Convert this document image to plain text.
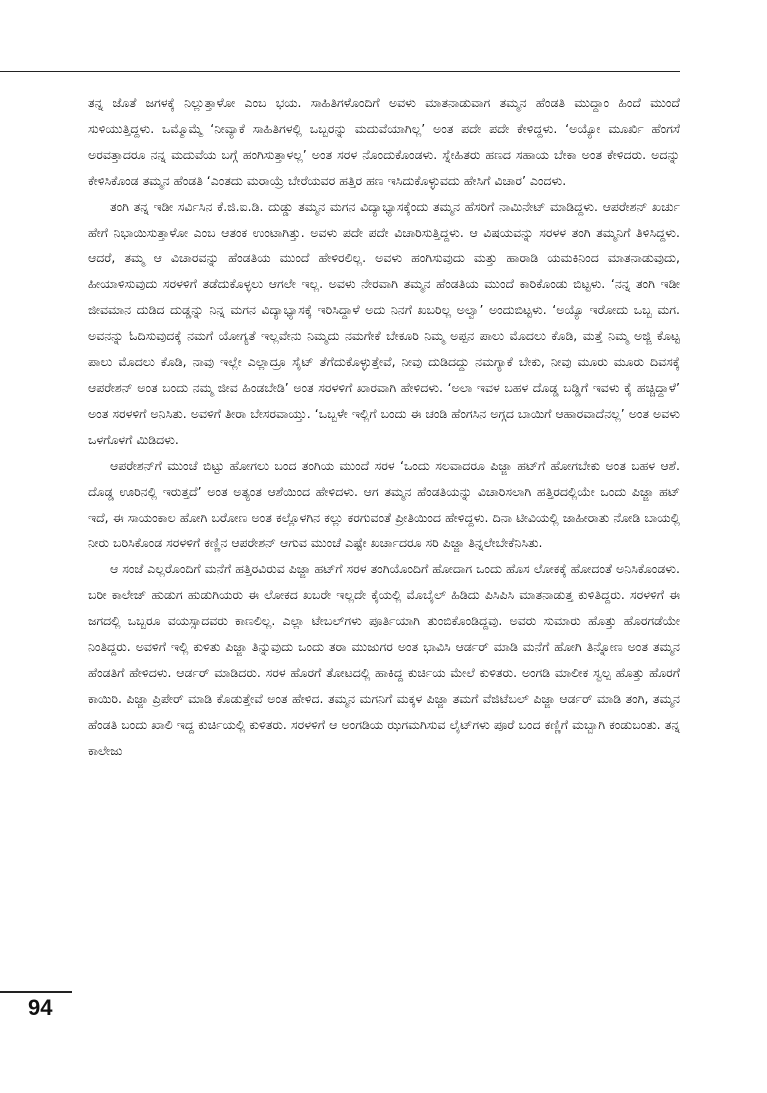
ತನ್ನ ಜೊತೆ ಜಗಳಕ್ಕೆ ನಿಲ್ಲುತ್ತಾಳೋ ಎಂಬ ಭಯ. ಸಾಹಿತಿಗಳೊಂದಿಗೆ ಅವಳು ಮಾತನಾಡುವಾಗ ತಮ್ಮನ ಹೆಂಡತಿ ಮುದ್ದಾಂ ಹಿಂದೆ ಮುಂದೆ ಸುಳಿಯುತ್ತಿದ್ದಳು. ಒಮ್ಮೊಮ್ಮೆ ‘ನೀವ್ಯಾಕೆ ಸಾಹಿತಿಗಳಲ್ಲಿ ಒಬ್ಬರನ್ನು ಮದುವೆಯಾಗಿಲ್ಲ’ ಅಂತ ಪದೇ ಪದೇ ಕೇಳಿದ್ದಳು. ‘ಅಯ್ಯೋ ಮೂರ್ಖಿ ಹೆಂಗಸೆ ಅರವತ್ತಾದರೂ ನನ್ನ ಮದುವೆಯ ಬಗ್ಗೆ ಹಂಗಿಸುತ್ತಾಳಲ್ಲ’ ಅಂತ ಸರಳ ನೊಂದುಕೊಂಡಳು. ಸ್ನೇಹಿತರು ಹಣದ ಸಹಾಯ ಬೇಕಾ ಅಂತ ಕೇಳಿದರು. ಅದನ್ನು ಕೇಳಿಸಿಕೊಂಡ ತಮ್ಮನ ಹೆಂಡತಿ ‘ಎಂತದು ಮರಾಯ್ರೆ ಬೇರೆಯವರ ಹತ್ತಿರ ಹಣ ಇಸಿದುಕೊಳ್ಳುವದು ಹೇಸಿಗೆ ವಿಚಾರ’ ಎಂದಳು.

ತಂಗಿ ತನ್ನ ಇಡೀ ಸರ್ವಿಸಿನ ಕೆ.ಜಿ.ಐ.ಡಿ. ದುಡ್ಡು ತಮ್ಮನ ಮಗನ ವಿದ್ಯಾಭ್ಯಾಸಕ್ಕೆಂದು ತಮ್ಮನ ಹೆಸರಿಗೆ ನಾಮಿನೇಟ್ ಮಾಡಿದ್ದಳು. ಆಪರೇಶನ್ ಖರ್ಚು ಹೇಗೆ ನಿಭಾಯಿಸುತ್ತಾಳೋ ಎಂಬ ಆತಂಕ ಉಂಟಾಗಿತ್ತು. ಅವಳು ಪದೇ ಪದೇ ವಿಚಾರಿಸುತ್ತಿದ್ದಳು. ಆ ವಿಷಯವನ್ನು ಸರಳಳ ತಂಗಿ ತಮ್ಮನಿಗೆ ತಿಳಿಸಿದ್ದಳು. ಆದರೆ, ತಮ್ಮ ಆ ವಿಚಾರವನ್ನು ಹೆಂಡತಿಯ ಮುಂದೆ ಹೇಳಿರಲಿಲ್ಲ. ಅವಳು ಹಂಗಿಸುವುದು ಮತ್ತು ಹಾರಾಡಿ ಯಮಕಿನಿಂದ ಮಾತನಾಡುವುದು, ಹೀಯಾಳಿಸುವುದು ಸರಳಳಿಗೆ ತಡೆದುಕೊಳ್ಳಲು ಆಗಲೇ ಇಲ್ಲ. ಅವಳು ನೇರವಾಗಿ ತಮ್ಮನ ಹೆಂಡತಿಯ ಮುಂದೆ ಕಾರಿಕೊಂಡು ಬಿಟ್ಟಳು. ‘ನನ್ನ ತಂಗಿ ಇಡೀ ಜೀವಮಾನ ದುಡಿದ ದುಡ್ಡನ್ನು ನಿನ್ನ ಮಗನ ವಿದ್ಯಾಭ್ಯಾಸಕ್ಕೆ ಇರಿಸಿದ್ದಾಳೆ ಅದು ನಿನಗೆ ಖಬರಿಲ್ಲ ಅಲ್ವಾ’ ಅಂದುಬಿಟ್ಟಳು. ‘ಅಯ್ಯೊ ಇರೋದು ಒಬ್ಬ ಮಗ. ಅವನನ್ನು ಓದಿಸುವುದಕ್ಕೆ ನಮಗೆ ಯೋಗ್ಯತೆ ಇಲ್ಲವೇನು ನಿಮ್ಮದು ನಮಗೇಕೆ ಬೇಕೂರಿ ನಿಮ್ಮ ಅಪ್ಪನ ಪಾಲು ಮೊದಲು ಕೊಡಿ, ಮತ್ತೆ ನಿಮ್ಮ ಅಜ್ಜಿ ಕೊಟ್ಟ ಪಾಲು ಮೊದಲು ಕೊಡಿ, ನಾವು ಇಲ್ಲೇ ಎಲ್ಲಾದ್ರೂ ಸೈಟ್ ತೆಗೆದುಕೊಳ್ಳುತ್ತೇವೆ, ನೀವು ದುಡಿದದ್ದು ನಮಗ್ಯಾಕೆ ಬೇಕು, ನೀವು ಮೂರು ಮೂರು ದಿವಸಕ್ಕೆ ಆಪರೇಶನ್ ಅಂತ ಬಂದು ನಮ್ಮ ಜೀವ ಹಿಂಡಬೇಡಿ’ ಅಂತ ಸರಳಳಿಗೆ ಖಾರವಾಗಿ ಹೇಳಿದಳು. ‘ಅಲಾ ಇವಳ ಬಹಳ ದೊಡ್ಡ ಬಡ್ಡಿಗೆ ಇವಳು ಕೈ ಹಚ್ಚಿದ್ದಾಳೆ’ ಅಂತ ಸರಳಳಿಗೆ ಅನಿಸಿತು. ಅವಳಿಗೆ ತೀರಾ ಬೇಸರವಾಯ್ತು. ‘ಒಬ್ಬಳೇ ಇಲ್ಲಿಗೆ ಬಂದು ಈ ಚಂಡಿ ಹೆಂಗಸಿನ ಅಗ್ಗದ ಬಾಯಿಗೆ ಆಹಾರವಾದೆನಲ್ಲ’ ಅಂತ ಅವಳು ಒಳಗೊಳಗೆ ಮಿಡಿದಳು.

ಆಪರೇಶನ್‌ಗೆ ಮುಂಚೆ ಬಿಟ್ಟು ಹೋಗಲು ಬಂದ ತಂಗಿಯ ಮುಂದೆ ಸರಳ ‘ಒಂದು ಸಲವಾದರೂ ಪಿಜ್ಜಾ ಹಟ್‌ಗೆ ಹೋಗಬೇಕು ಅಂತ ಬಹಳ ಆಶೆ. ದೊಡ್ಡ ಊರಿನಲ್ಲಿ ಇರುತ್ತದೆ’ ಅಂತ ಅತ್ಯಂತ ಆಶೆಯಿಂದ ಹೇಳಿದಳು. ಆಗ ತಮ್ಮನ ಹೆಂಡತಿಯನ್ನು ವಿಚಾರಿಸಲಾಗಿ ಹತ್ತಿರದಲ್ಲಿಯೇ ಒಂದು ಪಿಜ್ಜಾ ಹಟ್ ಇದೆ, ಈ ಸಾಯಂಕಾಲ ಹೋಗಿ ಬರೋಣ ಅಂತ ಕಲ್ಲೊಳಗಿನ ಕಲ್ಲು ಕರಗುವಂತೆ ಪ್ರೀತಿಯಿಂದ ಹೇಳಿದ್ದಳು. ದಿನಾ ಟೀವಿಯಲ್ಲಿ ಜಾಹೀರಾತು ನೋಡಿ ಬಾಯಲ್ಲಿ ನೀರು ಬರಿಸಿಕೊಂಡ ಸರಳಳಿಗೆ ಕಣ್ಣಿನ ಆಪರೇಶನ್ ಆಗುವ ಮುಂಚೆ ಎಷ್ಟೇ ಖರ್ಚಾದರೂ ಸರಿ ಪಿಜ್ಜಾ ತಿನ್ನಲೇಬೇಕೆನಿಸಿತು.

ಆ ಸಂಜೆ ಎಲ್ಲರೊಂದಿಗೆ ಮನೆಗೆ ಹತ್ತಿರವಿರುವ ಪಿಜ್ಜಾ ಹಟ್‌ಗೆ ಸರಳ ತಂಗಿಯೊಂದಿಗೆ ಹೋದಾಗ ಒಂದು ಹೊಸ ಲೋಕಕ್ಕೆ ಹೋದಂತೆ ಅನಿಸಿಕೊಂಡಳು. ಬರೀ ಕಾಲೇಜ್ ಹುಡುಗ ಹುಡುಗಿಯರು ಈ ಲೋಕದ ಖಬರೇ ಇಲ್ಲದೇ ಕೈಯಲ್ಲಿ ಮೊಬೈಲ್ ಹಿಡಿದು ಪಿಸಿಪಿಸಿ ಮಾತನಾಡುತ್ತ ಕುಳಿತಿದ್ದರು. ಸರಳಳಿಗೆ ಈ ಜಗದಲ್ಲಿ ಒಬ್ಬರೂ ವಯಸ್ಸಾದವರು ಕಾಣಲಿಲ್ಲ. ಎಲ್ಲಾ ಟೇಬಲ್‌ಗಳು ಪೂರ್ತಿಯಾಗಿ ತುಂಬಿಕೊಂಡಿದ್ದವು. ಅವರು ಸುಮಾರು ಹೊತ್ತು ಹೊರಗಡೆಯೇ ನಿಂತಿದ್ದರು. ಅವಳಿಗೆ ಇಲ್ಲಿ ಕುಳಿತು ಪಿಜ್ಜಾ ತಿನ್ನುವುದು ಒಂದು ತರಾ ಮುಜುಗರ ಅಂತ ಭಾವಿಸಿ ಆರ್ಡರ್ ಮಾಡಿ ಮನೆಗೆ ಹೋಗಿ ತಿನ್ನೋಣ ಅಂತ ತಮ್ಮನ ಹೆಂಡತಿಗೆ ಹೇಳಿದಳು. ಆರ್ಡರ್ ಮಾಡಿದರು. ಸರಳ ಹೊರಗೆ ತೋಟದಲ್ಲಿ ಹಾಕಿದ್ದ ಕುರ್ಚಿಯ ಮೇಲೆ ಕುಳಿತರು. ಅಂಗಡಿ ಮಾಲೀಕ ಸ್ವಲ್ಪ ಹೊತ್ತು ಹೊರಗೆ ಕಾಯಿರಿ. ಪಿಜ್ಜಾ ಪ್ರಿಪೇರ್ ಮಾಡಿ ಕೊಡುತ್ತೇವೆ ಅಂತ ಹೇಳಿದ. ತಮ್ಮನ ಮಗನಿಗೆ ಮಕ್ಕಳ ಪಿಜ್ಜಾ ತಮಗೆ ವೆಜಿಟೆಬಲ್ ಪಿಜ್ಜಾ ಆರ್ಡರ್ ಮಾಡಿ ತಂಗಿ, ತಮ್ಮನ ಹೆಂಡತಿ ಬಂದು ಖಾಲಿ ಇದ್ದ ಕುರ್ಚಿಯಲ್ಲಿ ಕುಳಿತರು. ಸರಳಳಿಗೆ ಆ ಅಂಗಡಿಯ ಝಗಮಗಿಸುವ ಲೈಟ್‌ಗಳು ಪೂರೆ ಬಂದ ಕಣ್ಣಿಗೆ ಮಬ್ಬಾಗಿ ಕಂಡುಬಂತು. ತನ್ನ ಕಾಲೇಜು

94
